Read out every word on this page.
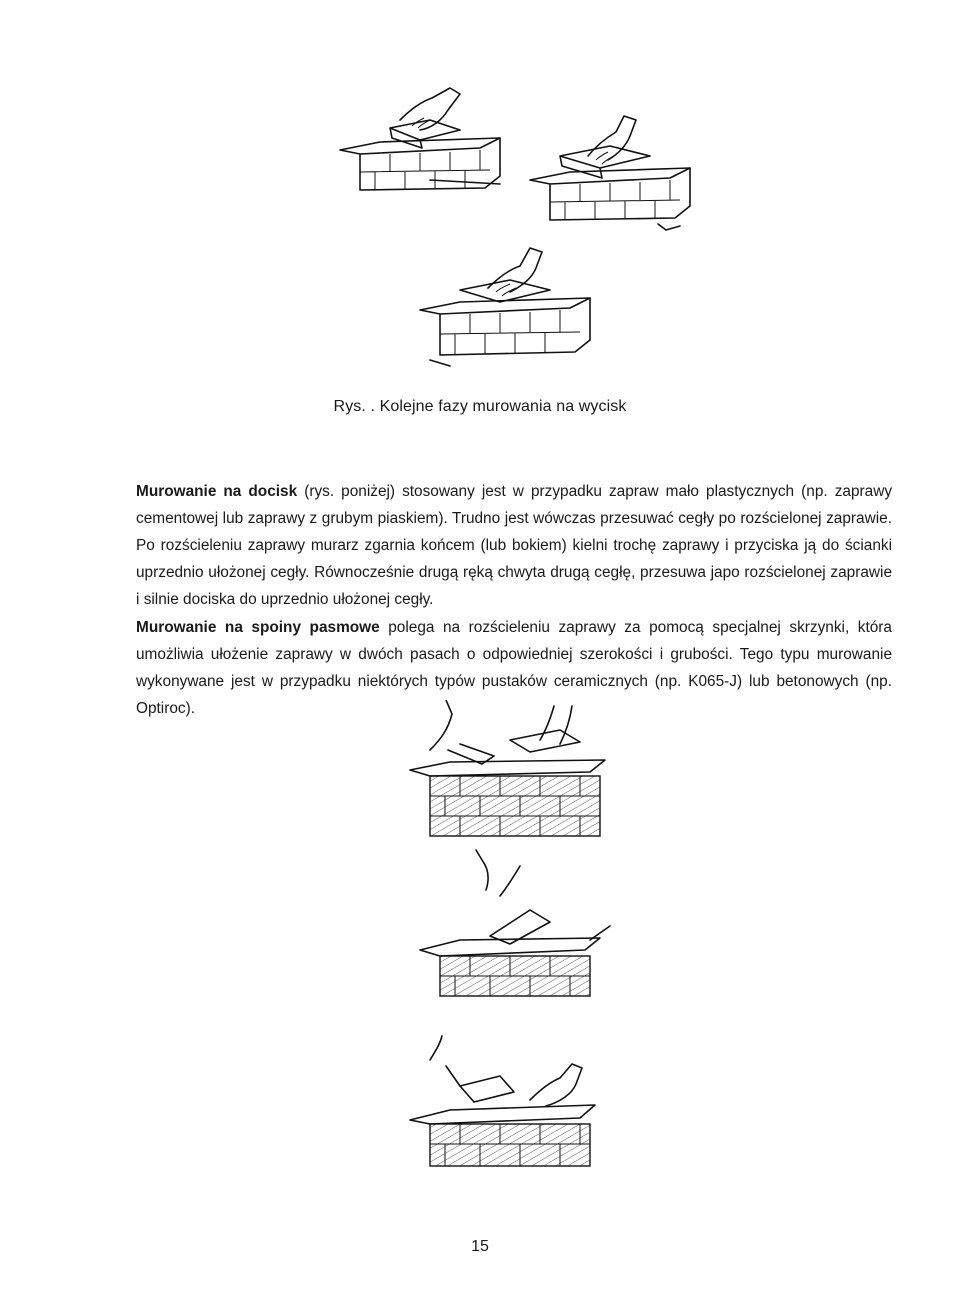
Rys. . Kolejne fazy murowania na wycisk

Murowanie na docisk (rys. poniżej) stosowany jest w przypadku zapraw mało plastycznych (np. zaprawy cementowej lub zaprawy z grubym piaskiem). Trudno jest wówczas przesuwać cegły po rozścielonej zaprawie. Po rozścieleniu zaprawy murarz zgarnia końcem (lub bokiem) kielni trochę zaprawy i przyciska ją do ścianki uprzednio ułożonej cegły. Równocześnie drugą ręką chwyta drugą cegłę, przesuwa japo rozścielonej zaprawie i silnie dociska do uprzednio ułożonej cegły.

Murowanie na spoiny pasmowe polega na rozścieleniu zaprawy za pomocą specjalnej skrzynki, która umożliwia ułożenie zaprawy w dwóch pasach o odpowiedniej szerokości i grubości. Tego typu murowanie wykonywane jest w przypadku niektórych typów pustaków ceramicznych (np. K065-J) lub betonowych (np. Optiroc).

15
